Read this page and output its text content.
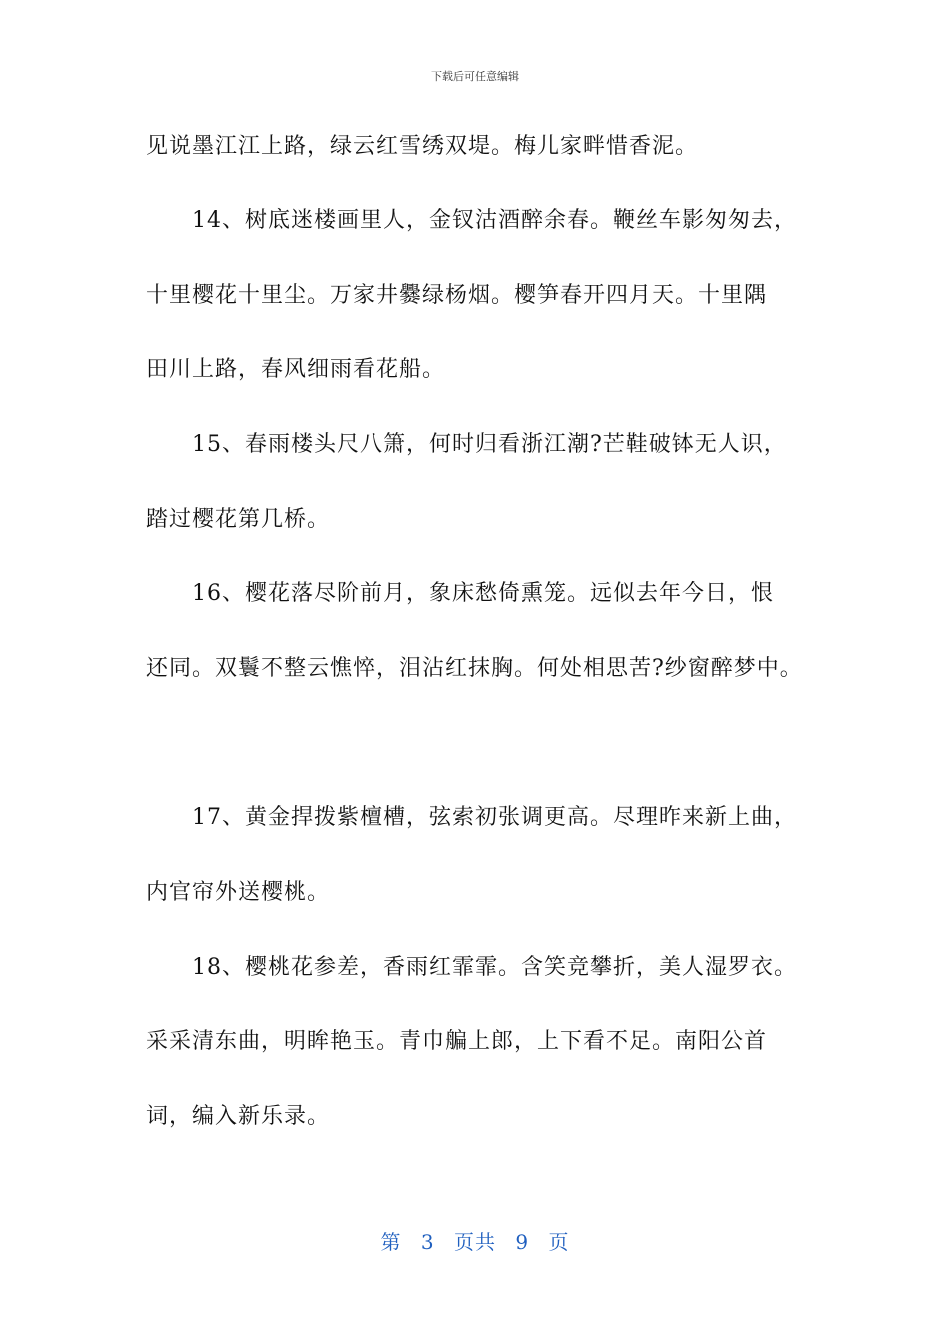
下载后可任意编辑
见说墨江江上路，绿云红雪绣双堤。梅儿家畔惜香泥。
14、树底迷楼画里人，金钗沽酒醉余春。鞭丝车影匆匆去，
十里樱花十里尘。万家井爨绿杨烟。樱笋春开四月天。十里隅
田川上路，春风细雨看花船。
15、春雨楼头尺八箫，何时归看浙江潮?芒鞋破钵无人识，
踏过樱花第几桥。
16、樱花落尽阶前月，象床愁倚熏笼。远似去年今日，恨
还同。双鬟不整云憔悴，泪沾红抹胸。何处相思苦?纱窗醉梦中。
17、黄金捍拨紫檀槽，弦索初张调更高。尽理昨来新上曲，
内官帘外送樱桃。
18、樱桃花参差，香雨红霏霏。含笑竞攀折，美人湿罗衣。
采采清东曲，明眸艳玉。青巾艑上郎，上下看不足。南阳公首
词，编入新乐录。
第 3 页共 9 页
